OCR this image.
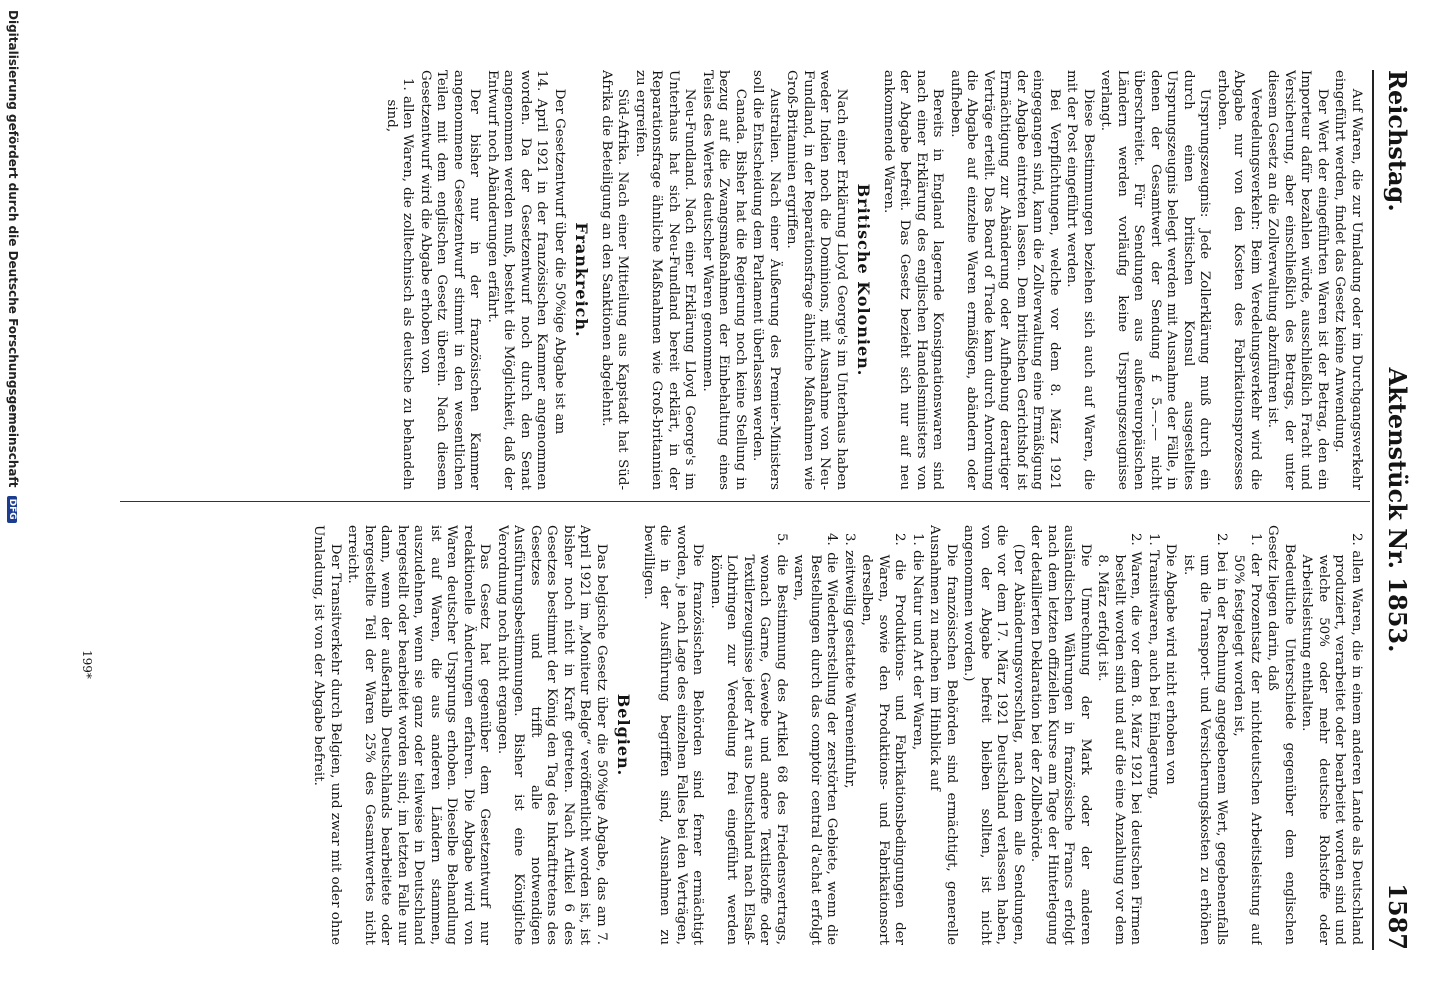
Reichstag.
Aktenstück Nr. 1853.
1587

Auf Waren, die zur Umladung oder im Durchgangsverkehr eingeführt werden, findet das Gesetz keine Anwendung.

Der Wert der eingeführten Waren ist der Betrag, den ein Importeur dafür bezahlen würde, ausschließlich Fracht und Versicherung, aber einschließlich des Betrags, der unter diesem Gesetz an die Zollverwaltung abzuführen ist.

Veredelungsverkehr: Beim Veredelungsverkehr wird die Abgabe nur von den Kosten des Fabrikationsprozesses erhoben.

Ursprungszeugnis: Jede Zollerklärung muß durch ein durch einen britischen Konsul ausgestelltes Ursprungszeugnis belegt werden mit Ausnahme der Fälle, in denen der Gesamtwert der Sendung £ 5.—.— nicht überschreitet. Für Sendungen aus außereuropäischen Ländern werden vorläufig keine Ursprungszeugnisse verlangt.

Diese Bestimmungen beziehen sich auch auf Waren, die mit der Post eingeführt werden.

Bei Verpflichtungen, welche vor dem 8. März 1921 eingegangen sind, kann die Zollverwaltung eine Ermäßigung der Abgabe eintreten lassen. Dem britischen Gerichtshof ist Ermächtigung zur Abänderung oder Aufhebung derartiger Verträge erteilt. Das Board of Trade kann durch Anordnung die Abgabe auf einzelne Waren ermäßigen, abändern oder aufheben.

Bereits in England lagernde Konsignationswaren sind nach einer Erklärung des englischen Handelsministers von der Abgabe befreit. Das Gesetz bezieht sich nur auf neu ankommende Waren.

Britische Kolonien.

Nach einer Erklärung Lloyd George's im Unterhaus haben weder Indien noch die Dominions, mit Ausnahme von Neu-Fundland, in der Reparationsfrage ähnliche Maßnahmen wie Groß-Britannien ergriffen.

Australien. Nach einer Äußerung des Premier-Ministers soll die Entscheidung dem Parlament überlassen werden.

Canada. Bisher hat die Regierung noch keine Stellung in bezug auf die Zwangsmaßnahmen der Einbehaltung eines Teiles des Wertes deutscher Waren genommen.

Neu-Fundland. Nach einer Erklärung Lloyd George's im Unterhaus hat sich Neu-Fundland bereit erklärt, in der Reparationsfrage ähnliche Maßnahmen wie Groß-britannien zu ergreifen.

Süd-Afrika. Nach einer Mitteilung aus Kapstadt hat Süd-Afrika die Beteiligung an den Sanktionen abgelehnt.

Frankreich.

Der Gesetzentwurf über die 50%ige Abgabe ist am

14. April 1921 in der französischen Kammer angenommen worden. Da der Gesetzentwurf noch durch den Senat angenommen werden muß, besteht die Möglichkeit, daß der Entwurf noch Abänderungen erfährt.

Der bisher nur in der französischen Kammer angenommene Gesetzentwurf stimmt in den wesentlichen Teilen mit dem englischen Gesetz überein. Nach diesem Gesetzentwurf wird die Abgabe erhoben von

1. allen Waren, die zolltechnisch als deutsche zu behandeln sind,

2. allen Waren, die in einem anderen Lande als Deutschland produziert, verarbeitet oder bearbeitet worden sind und welche 50% oder mehr deutsche Rohstoffe oder Arbeitsleistung enthalten.

Bedeutliche Unterschiede gegenüber dem englischen Gesetz liegen darin, daß

1. der Prozentsatz der nichtdeutschen Arbeitsleistung auf 50% festgelegt worden ist,

2. bei in der Rechnung angegebenem Wert, gegebenenfalls um die Transport- und Versicherungskosten zu erhöhen ist.

Die Abgabe wird nicht erhoben von

1. Transitwaren, auch bei Einlagerung,

2. Waren, die vor dem 8. März 1921 bei deutschen Firmen bestellt worden sind und auf die eine Anzahlung vor dem 8. März erfolgt ist.

Die Umrechnung der Mark oder der anderen ausländischen Währungen in französische Francs erfolgt nach dem letzten offiziellen Kurse am Tage der Hinterlegung der detaillierten Deklaration bei der Zollbehörde.

(Der Abänderungsvorschlag, nach dem alle Sendungen, die vor dem 17. März 1921 Deutschland verlassen haben, von der Abgabe befreit bleiben sollten, ist nicht angenommen worden.)

Die französischen Behörden sind ermächtigt, generelle Ausnahmen zu machen im Hinblick auf

1. die Natur und Art der Waren,

2. die Produktions- und Fabrikationsbedingungen der Waren, sowie den Produktions- und Fabrikationsort derselben,

3. zeitweilig gestattete Wareneinfuhr,

4. die Wiederherstellung der zerstörten Gebiete, wenn die Bestellungen durch das comptoir central d'achat erfolgt waren,

5. die Bestimmung des Artikel 68 des Friedensvertrags, wonach Garne, Gewebe und andere Textilstoffe oder Textilerzeugnisse jeder Art aus Deutschland nach Elsaß-Lothringen zur Veredelung frei eingeführt werden können.

Die französischen Behörden sind ferner ermächtigt worden, je nach Lage des einzelnen Falles bei den Verträgen, die in der Ausführung begriffen sind, Ausnahmen zu bewilligen.

Belgien.

Das belgische Gesetz über die 50%ige Abgabe, das am 7. April 1921 im „Moniteur Belge“ veröffentlicht worden ist, ist bisher noch nicht in Kraft getreten. Nach Artikel 6 des Gesetzes bestimmt der König den Tag des Inkrafttretens des Gesetzes und trifft alle notwendigen Ausführungsbestimmungen. Bisher ist eine Königliche Verordnung noch nicht ergangen.

Das Gesetz hat gegenüber dem Gesetzentwurf nur redaktionelle Änderungen erfahren. Die Abgabe wird von Waren deutscher Ursprungs erhoben. Dieselbe Behandlung ist auf Waren, die aus anderen Ländern stammen, auszudehnen, wenn sie ganz oder teilweise in Deutschland hergestellt oder bearbeitet worden sind; im letzten Falle nur dann, wenn der außerhalb Deutschlands bearbeitete oder hergestellte Teil der Waren 25% des Gesamtwertes nicht erreicht.

Der Transitverkehr durch Belgien, und zwar mit oder ohne Umladung, ist von der Abgabe befreit.

199*
Digitalisierung gefördert durch die Deutsche Forschungsgemeinschaft DFG
